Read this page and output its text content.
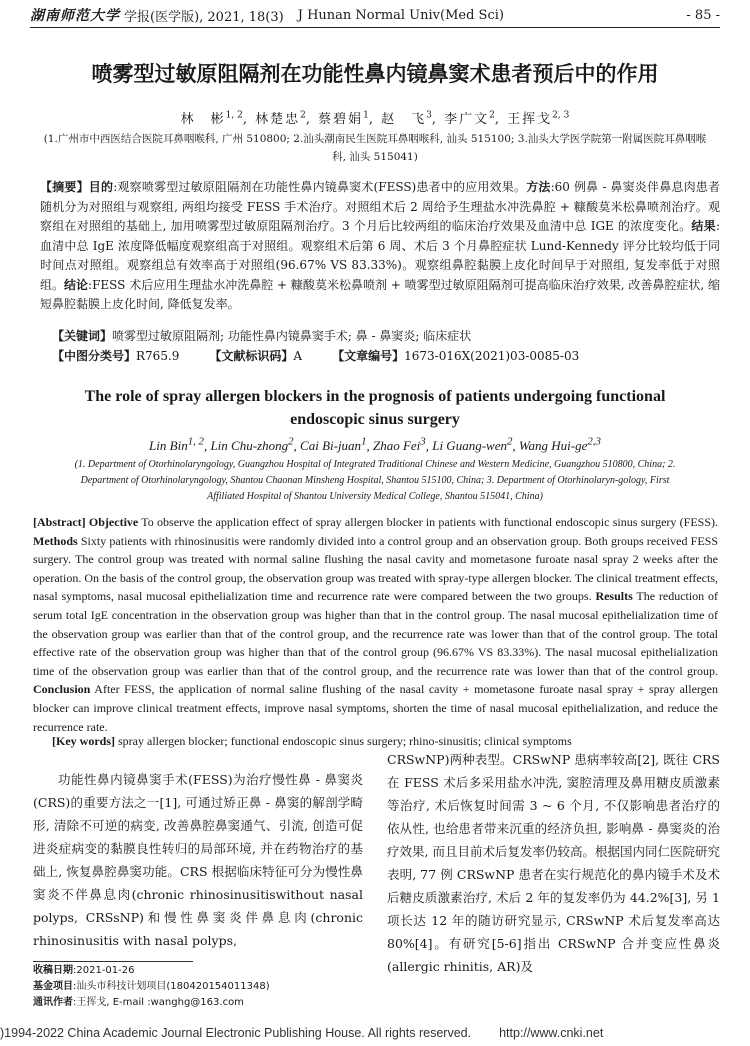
湖南师范大学 学报(医学版), 2021, 18(3) J Hunan Normal Univ(Med Sci)	- 85 -
喷雾型过敏原阻隔剂在功能性鼻内镜鼻窦术患者预后中的作用
林　彬$^{1, 2}$, 林楚忠$^2$, 蔡碧娟$^1$, 赵　飞$^3$, 李广文$^2$, 王挥戈$^{2, 3}$
(1.广州市中西医结合医院耳鼻咽喉科, 广州 510800; 2.汕头潮南民生医院耳鼻咽喉科, 汕头 515100; 3.汕头大学医学院第一附属医院耳鼻咽喉科, 汕头 515041)
【摘要】目的:观察喷雾型过敏原阻隔剂在功能性鼻内镜鼻窦术(FESS)患者中的应用效果。方法:60 例鼻 - 鼻窦炎伴鼻息肉患者随机分为对照组与观察组, 两组均接受 FESS 手术治疗。对照组术后 2 周给予生理盐水冲洗鼻腔 + 糠酸莫米松鼻喷剂治疗。观察组在对照组的基础上, 加用喷雾型过敏原阻隔剂治疗。3 个月后比较两组的临床治疗效果及血清中总 IGE 的浓度变化。结果: 血清中总 IgE 浓度降低幅度观察组高于对照组。观察组术后第 6 周、术后 3 个月鼻腔症状 Lund-Kennedy 评分比较均低于同时间点对照组。观察组总有效率高于对照组(96.67% VS 83.33%)。观察组鼻腔黏膜上皮化时间早于对照组, 复发率低于对照组。结论:FESS 术后应用生理盐水冲洗鼻腔 + 糠酸莫米松鼻喷剂 + 喷雾型过敏原阻隔剂可提高临床治疗效果, 改善鼻腔症状, 缩短鼻腔黏膜上皮化时间, 降低复发率。
【关键词】喷雾型过敏原阻隔剂; 功能性鼻内镜鼻窦手术; 鼻 - 鼻窦炎; 临床症状
【中图分类号】R765.9	【文献标识码】A	【文章编号】1673-016X(2021)03-0085-03
The role of spray allergen blockers in the prognosis of patients undergoing functional endoscopic sinus surgery
Lin Bin$^{1, 2}$, Lin Chu-zhong$^2$, Cai Bi-juan$^1$, Zhao Fei$^3$, Li Guang-wen$^2$, Wang Hui-ge$^{2,3}$
(1. Department of Otorhinolaryngology, Guangzhou Hospital of Integrated Traditional Chinese and Western Medicine, Guangzhou 510800, China; 2. Department of Otorhinolaryngology, Shantou Chaonan Minsheng Hospital, Shantou 515100, China; 3. Department of Otorhinolaryn-gology, First Affiliated Hospital of Shantou University Medical College, Shantou 515041, China)
[Abstract] Objective To observe the application effect of spray allergen blocker in patients with functional endoscopic sinus surgery (FESS). Methods Sixty patients with rhinosinusitis were randomly divided into a control group and an observation group. Both groups received FESS surgery. The control group was treated with normal saline flushing the nasal cavity and mometasone furoate nasal spray 2 weeks after the operation. On the basis of the control group, the observation group was treated with spray-type allergen blocker. The clinical treatment effects, nasal symptoms, nasal mucosal epithelialization time and recurrence rate were compared between the two groups. Results The reduction of serum total IgE concentration in the observation group was higher than that in the control group. The nasal mucosal epithelialization time of the observation group was earlier than that of the control group, and the recurrence rate was lower than that of the control group. The total effective rate of the observation group was higher than that of the control group (96.67% VS 83.33%). The nasal mucosal epithelialization time of the observation group was earlier than that of the control group, and the recurrence rate was lower than that of the control group. Conclusion After FESS, the application of normal saline flushing of the nasal cavity + mometasone furoate nasal spray + spray allergen blocker can improve clinical treatment effects, improve nasal symptoms, shorten the time of nasal mucosal epithelialization, and reduce the recurrence rate.
[Key words] spray allergen blocker; functional endoscopic sinus surgery; rhino-sinusitis; clinical symptoms
功能性鼻内镜鼻窦手术(FESS)为治疗慢性鼻 - 鼻窦炎(CRS)的重要方法之一[1], 可通过矫正鼻 - 鼻窦的解剖学畸形, 清除不可逆的病变, 改善鼻腔鼻窦通气、引流, 创造可促进炎症病变的黏膜良性转归的局部环境, 并在药物治疗的基础上, 恢复鼻腔鼻窦功能。CRS 根据临床特征可分为慢性鼻窦炎不伴鼻息肉(chronic rhinosinusitiswithout nasal polyps, CRSsNP)和慢性鼻窦炎伴鼻息肉(chronic rhinosinusitis with nasal polyps,
CRSwNP)两种表型。CRSwNP 患病率较高[2], 既往 CRS 在 FESS 术后多采用盐水冲洗, 窦腔清理及鼻用糖皮质激素等治疗, 术后恢复时间需 3 ~ 6 个月, 不仅影响患者治疗的依从性, 也给患者带来沉重的经济负担, 影响鼻 - 鼻窦炎的治疗效果, 而且目前术后复发率仍较高。根据国内同仁医院研究表明, 77 例 CRSwNP 患者在实行规范化的鼻内镜手术及术后糖皮质激素治疗, 术后 2 年的复发率仍为 44.2%[3], 另 1 项长达 12 年的随访研究显示, CRSwNP 术后复发率高达 80%[4]。有研究[5-6]指出 CRSwNP 合并变应性鼻炎(allergic rhinitis, AR)及
收稿日期:2021-01-26
基金项目:汕头市科技计划项目(180420154011348)
通讯作者:王挥戈, E-mail :wanghg@163.com
)1994-2022 China Academic Journal Electronic Publishing House. All rights reserved. http://www.cnki.net
